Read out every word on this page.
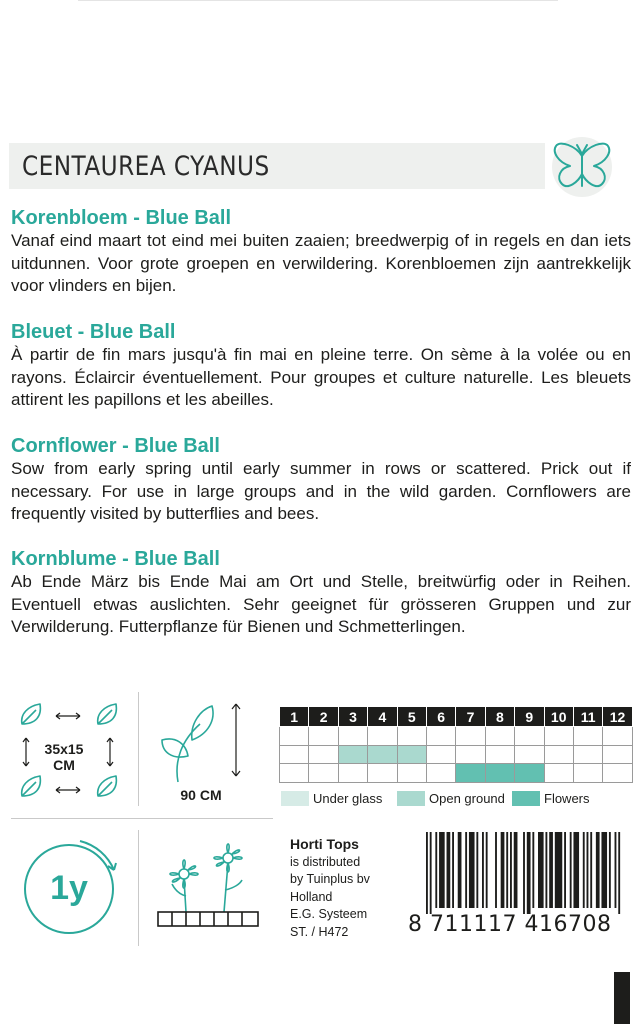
CENTAUREA CYANUS
Korenbloem - Blue Ball

Vanaf eind maart tot eind mei buiten zaaien; breedwerpig of in regels en dan iets uitdunnen. Voor grote groepen en verwildering. Korenbloemen zijn aantrekkelijk voor vlinders en bijen.

Bleuet - Blue Ball

À partir de fin mars jusqu'à fin mai en pleine terre. On sème à la volée ou en rayons. Éclaircir éventuellement. Pour groupes et culture naturelle. Les bleuets attirent les papillons et les abeilles.

Cornflower - Blue Ball

Sow from early spring until early summer in rows or scattered. Prick out if necessary. For use in large groups and in the wild garden. Cornflowers are frequently visited by butterflies and bees.

Kornblume - Blue Ball

Ab Ende März bis Ende Mai am Ort und Stelle, breitwürfig oder in Reihen. Eventuell etwas auslichten. Sehr geeignet für grösseren Gruppen und zur Verwilderung. Futterpflanze für Bienen und Schmetterlingen.

35x15
CM
90 CM
1y
1	2	3	4	5	6	7	8	9	10	11	12

Under glass	Open ground	Flowers
Horti Tops
is distributed
by Tuinplus bv
Holland
E.G. Systeem
ST. / H472	8 711117 416708
